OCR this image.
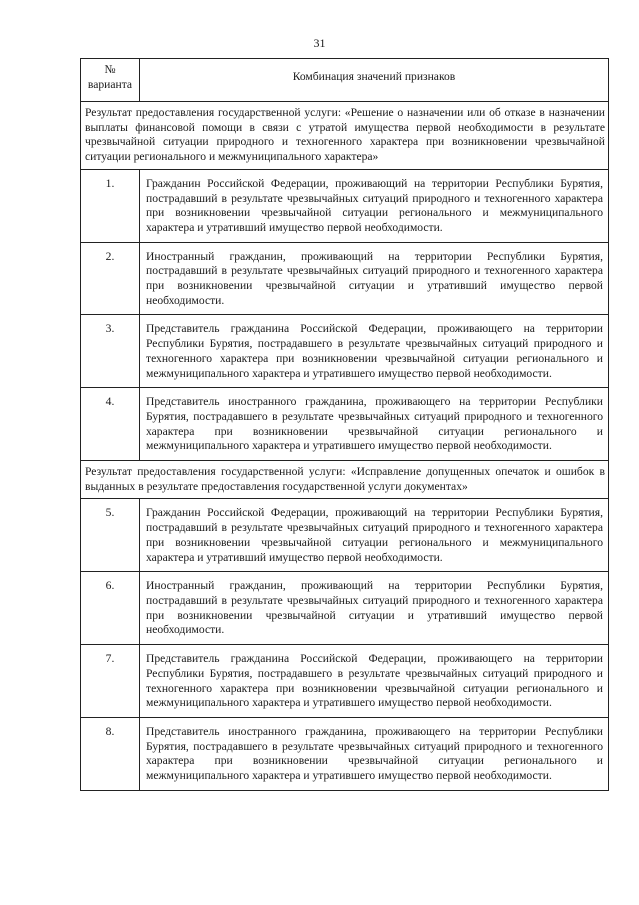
31
№ варианта	Комбинация значений признаков
Результат предоставления государственной услуги: «Решение о назначении или об отказе в назначении выплаты финансовой помощи в связи с утратой имущества первой необходимости в результате чрезвычайной ситуации природного и техногенного характера при возникновении чрезвычайной ситуации регионального и межмуниципального характера»	
1.	Гражданин Российской Федерации, проживающий на территории Республики Бурятия, пострадавший в результате чрезвычайных ситуаций природного и техногенного характера при возникновении чрезвычайной ситуации регионального и межмуниципального характера и утративший имущество первой необходимости.
2.	Иностранный гражданин, проживающий на территории Республики Бурятия, пострадавший в результате чрезвычайных ситуаций природного и техногенного характера при возникновении чрезвычайной ситуации и утративший имущество первой необходимости.
3.	Представитель гражданина Российской Федерации, проживающего на территории Республики Бурятия, пострадавшего в результате чрезвычайных ситуаций природного и техногенного характера при возникновении чрезвычайной ситуации регионального и межмуниципального характера и утратившего имущество первой необходимости.
4.	Представитель иностранного гражданина, проживающего на территории Республики Бурятия, пострадавшего в результате чрезвычайных ситуаций природного и техногенного характера при возникновении чрезвычайной ситуации регионального и межмуниципального характера и утратившего имущество первой необходимости.
Результат предоставления государственной услуги: «Исправление допущенных опечаток и ошибок в выданных в результате предоставления государственной услуги документах»	
5.	Гражданин Российской Федерации, проживающий на территории Республики Бурятия, пострадавший в результате чрезвычайных ситуаций природного и техногенного характера при возникновении чрезвычайной ситуации регионального и межмуниципального характера и утративший имущество первой необходимости.
6.	Иностранный гражданин, проживающий на территории Республики Бурятия, пострадавший в результате чрезвычайных ситуаций природного и техногенного характера при возникновении чрезвычайной ситуации и утративший имущество первой необходимости.
7.	Представитель гражданина Российской Федерации, проживающего на территории Республики Бурятия, пострадавшего в результате чрезвычайных ситуаций природного и техногенного характера при возникновении чрезвычайной ситуации регионального и межмуниципального характера и утратившего имущество первой необходимости.
8.	Представитель иностранного гражданина, проживающего на территории Республики Бурятия, пострадавшего в результате чрезвычайных ситуаций природного и техногенного характера при возникновении чрезвычайной ситуации регионального и межмуниципального характера и утратившего имущество первой необходимости.
